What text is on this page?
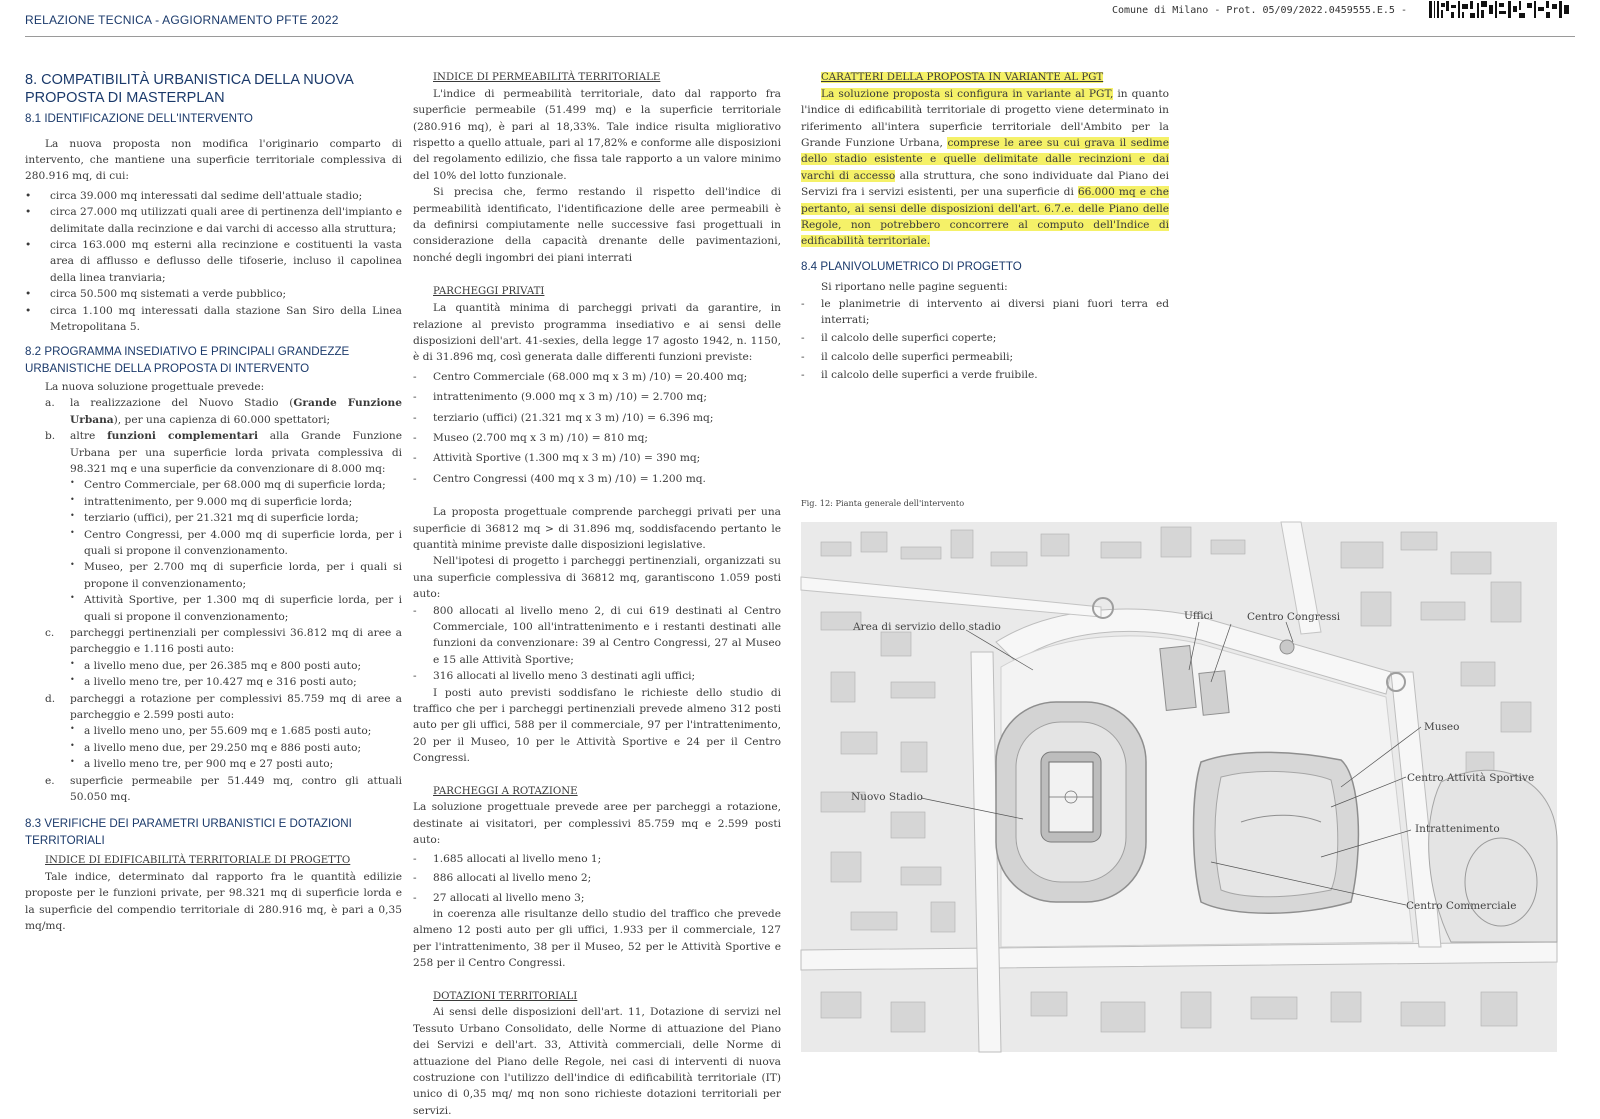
RELAZIONE TECNICA - AGGIORNAMENTO PFTE 2022
Comune di Milano - Prot. 05/09/2022.0459555.E.5 -
8. COMPATIBILITÀ URBANISTICA DELLA NUOVA PROPOSTA DI MASTERPLAN
8.1 IDENTIFICAZIONE DELL'INTERVENTO

La nuova proposta non modifica l'originario comparto di intervento, che mantiene una superficie territoriale complessiva di 280.916 mq, di cui:

• circa 39.000 mq interessati dal sedime dell'attuale stadio;
• circa 27.000 mq utilizzati quali aree di pertinenza dell'impianto e delimitate dalla recinzione e dai varchi di accesso alla struttura;
• circa 163.000 mq esterni alla recinzione e costituenti la vasta area di afflusso e deflusso delle tifoserie, incluso il capolinea della linea tranviaria;
• circa 50.500 mq sistemati a verde pubblico;
• circa 1.100 mq interessati dalla stazione San Siro della Linea Metropolitana 5.
8.2 PROGRAMMA INSEDIATIVO E PRINCIPALI GRANDEZZE URBANISTICHE DELLA PROPOSTA DI INTERVENTO

La nuova soluzione progettuale prevede:

a. la realizzazione del Nuovo Stadio (Grande Funzione Urbana), per una capienza di 60.000 spettatori;
b. altre funzioni complementari alla Grande Funzione Urbana per una superficie lorda privata complessiva di 98.321 mq e una superficie da convenzionare di 8.000 mq:
• Centro Commerciale, per 68.000 mq di superficie lorda;
• intrattenimento, per 9.000 mq di superficie lorda;
• terziario (uffici), per 21.321 mq di superficie lorda;
• Centro Congressi, per 4.000 mq di superficie lorda, per i quali si propone il convenzionamento.
• Museo, per 2.700 mq di superficie lorda, per i quali si propone il convenzionamento;
• Attività Sportive, per 1.300 mq di superficie lorda, per i quali si propone il convenzionamento;
c. parcheggi pertinenziali per complessivi 36.812 mq di aree a parcheggio e 1.116 posti auto:
• a livello meno due, per 26.385 mq e 800 posti auto;
• a livello meno tre, per 10.427 mq e 316 posti auto;
d. parcheggi a rotazione per complessivi 85.759 mq di aree a parcheggio e 2.599 posti auto:
• a livello meno uno, per 55.609 mq e 1.685 posti auto;
• a livello meno due, per 29.250 mq e 886 posti auto;
• a livello meno tre, per 900 mq e 27 posti auto;
e. superficie permeabile per 51.449 mq, contro gli attuali 50.050 mq.
8.3 VERIFICHE DEI PARAMETRI URBANISTICI E DOTAZIONI TERRITORIALI
INDICE DI EDIFICABILITÀ TERRITORIALE DI PROGETTO

Tale indice, determinato dal rapporto fra le quantità edilizie proposte per le funzioni private, per 98.321 mq di superficie lorda e la superficie del compendio territoriale di 280.916 mq, è pari a 0,35 mq/mq.

INDICE DI PERMEABILITÀ TERRITORIALE

L'indice di permeabilità territoriale, dato dal rapporto fra superficie permeabile (51.499 mq) e la superficie territoriale (280.916 mq), è pari al 18,33%. Tale indice risulta migliorativo rispetto a quello attuale, pari al 17,82% e conforme alle disposizioni del regolamento edilizio, che fissa tale rapporto a un valore minimo del 10% del lotto funzionale.

Si precisa che, fermo restando il rispetto dell'indice di permeabilità identificato, l'identificazione delle aree permeabili è da definirsi compiutamente nelle successive fasi progettuali in considerazione della capacità drenante delle pavimentazioni, nonché degli ingombri dei piani interrati

PARCHEGGI PRIVATI

La quantità minima di parcheggi privati da garantire, in relazione al previsto programma insediativo e ai sensi delle disposizioni dell'art. 41-sexies, della legge 17 agosto 1942, n. 1150, è di 31.896 mq, così generata dalle differenti funzioni previste:

- Centro Commerciale (68.000 mq x 3 m) /10) = 20.400 mq;
- intrattenimento (9.000 mq x 3 m) /10) = 2.700 mq;
- terziario (uffici) (21.321 mq x 3 m) /10) = 6.396 mq;
- Museo (2.700 mq x 3 m) /10) = 810 mq;
- Attività Sportive (1.300 mq x 3 m) /10) = 390 mq;
- Centro Congressi (400 mq x 3 m) /10) = 1.200 mq.

La proposta progettuale comprende parcheggi privati per una superficie di 36812 mq > di 31.896 mq, soddisfacendo pertanto le quantità minime previste dalle disposizioni legislative.

Nell'ipotesi di progetto i parcheggi pertinenziali, organizzati su una superficie complessiva di 36812 mq, garantiscono 1.059 posti auto:

- 800 allocati al livello meno 2, di cui 619 destinati al Centro Commerciale, 100 all'intrattenimento e i restanti destinati alle funzioni da convenzionare: 39 al Centro Congressi, 27 al Museo e 15 alle Attività Sportive;
- 316 allocati al livello meno 3 destinati agli uffici;

I posti auto previsti soddisfano le richieste dello studio di traffico che per i parcheggi pertinenziali prevede almeno 312 posti auto per gli uffici, 588 per il commerciale, 97 per l'intrattenimento, 20 per il Museo, 10 per le Attività Sportive e 24 per il Centro Congressi.

PARCHEGGI A ROTAZIONE

La soluzione progettuale prevede aree per parcheggi a rotazione, destinate ai visitatori, per complessivi 85.759 mq e 2.599 posti auto:

- 1.685 allocati al livello meno 1;
- 886 allocati al livello meno 2;
- 27 allocati al livello meno 3;

in coerenza alle risultanze dello studio del traffico che prevede almeno 12 posti auto per gli uffici, 1.933 per il commerciale, 127 per l'intrattenimento, 38 per il Museo, 52 per le Attività Sportive e 258 per il Centro Congressi.

DOTAZIONI TERRITORIALI

Ai sensi delle disposizioni dell'art. 11, Dotazione di servizi nel Tessuto Urbano Consolidato, delle Norme di attuazione del Piano dei Servizi e dell'art. 33, Attività commerciali, delle Norme di attuazione del Piano delle Regole, nei casi di interventi di nuova costruzione con l'utilizzo dell'indice di edificabilità territoriale (IT) unico di 0,35 mq/ mq non sono richieste dotazioni territoriali per servizi.

CARATTERI DELLA PROPOSTA IN VARIANTE AL PGT

La soluzione proposta si configura in variante al PGT, in quanto l'indice di edificabilità territoriale di progetto viene determinato in riferimento all'intera superficie territoriale dell'Ambito per la Grande Funzione Urbana, comprese le aree su cui grava il sedime dello stadio esistente e quelle delimitate dalle recinzioni e dai varchi di accesso alla struttura, che sono individuate dal Piano dei Servizi fra i servizi esistenti, per una superficie di 66.000 mq e che pertanto, ai sensi delle disposizioni dell'art. 6.7.e. delle Piano delle Regole, non potrebbero concorrere al computo dell'Indice di edificabilità territoriale.

8.4 PLANIVOLUMETRICO DI PROGETTO

Si riportano nelle pagine seguenti:

- le planimetrie di intervento ai diversi piani fuori terra ed interrati;
- il calcolo delle superfici coperte;
- il calcolo delle superfici permeabili;
- il calcolo delle superfici a verde fruibile.
Fig. 12: Pianta generale dell'intervento
Area di servizio dello stadio
Uffici	Centro Congressi
Museo
Centro Attività Sportive
Nuovo Stadio
Intrattenimento
Centro Commerciale
